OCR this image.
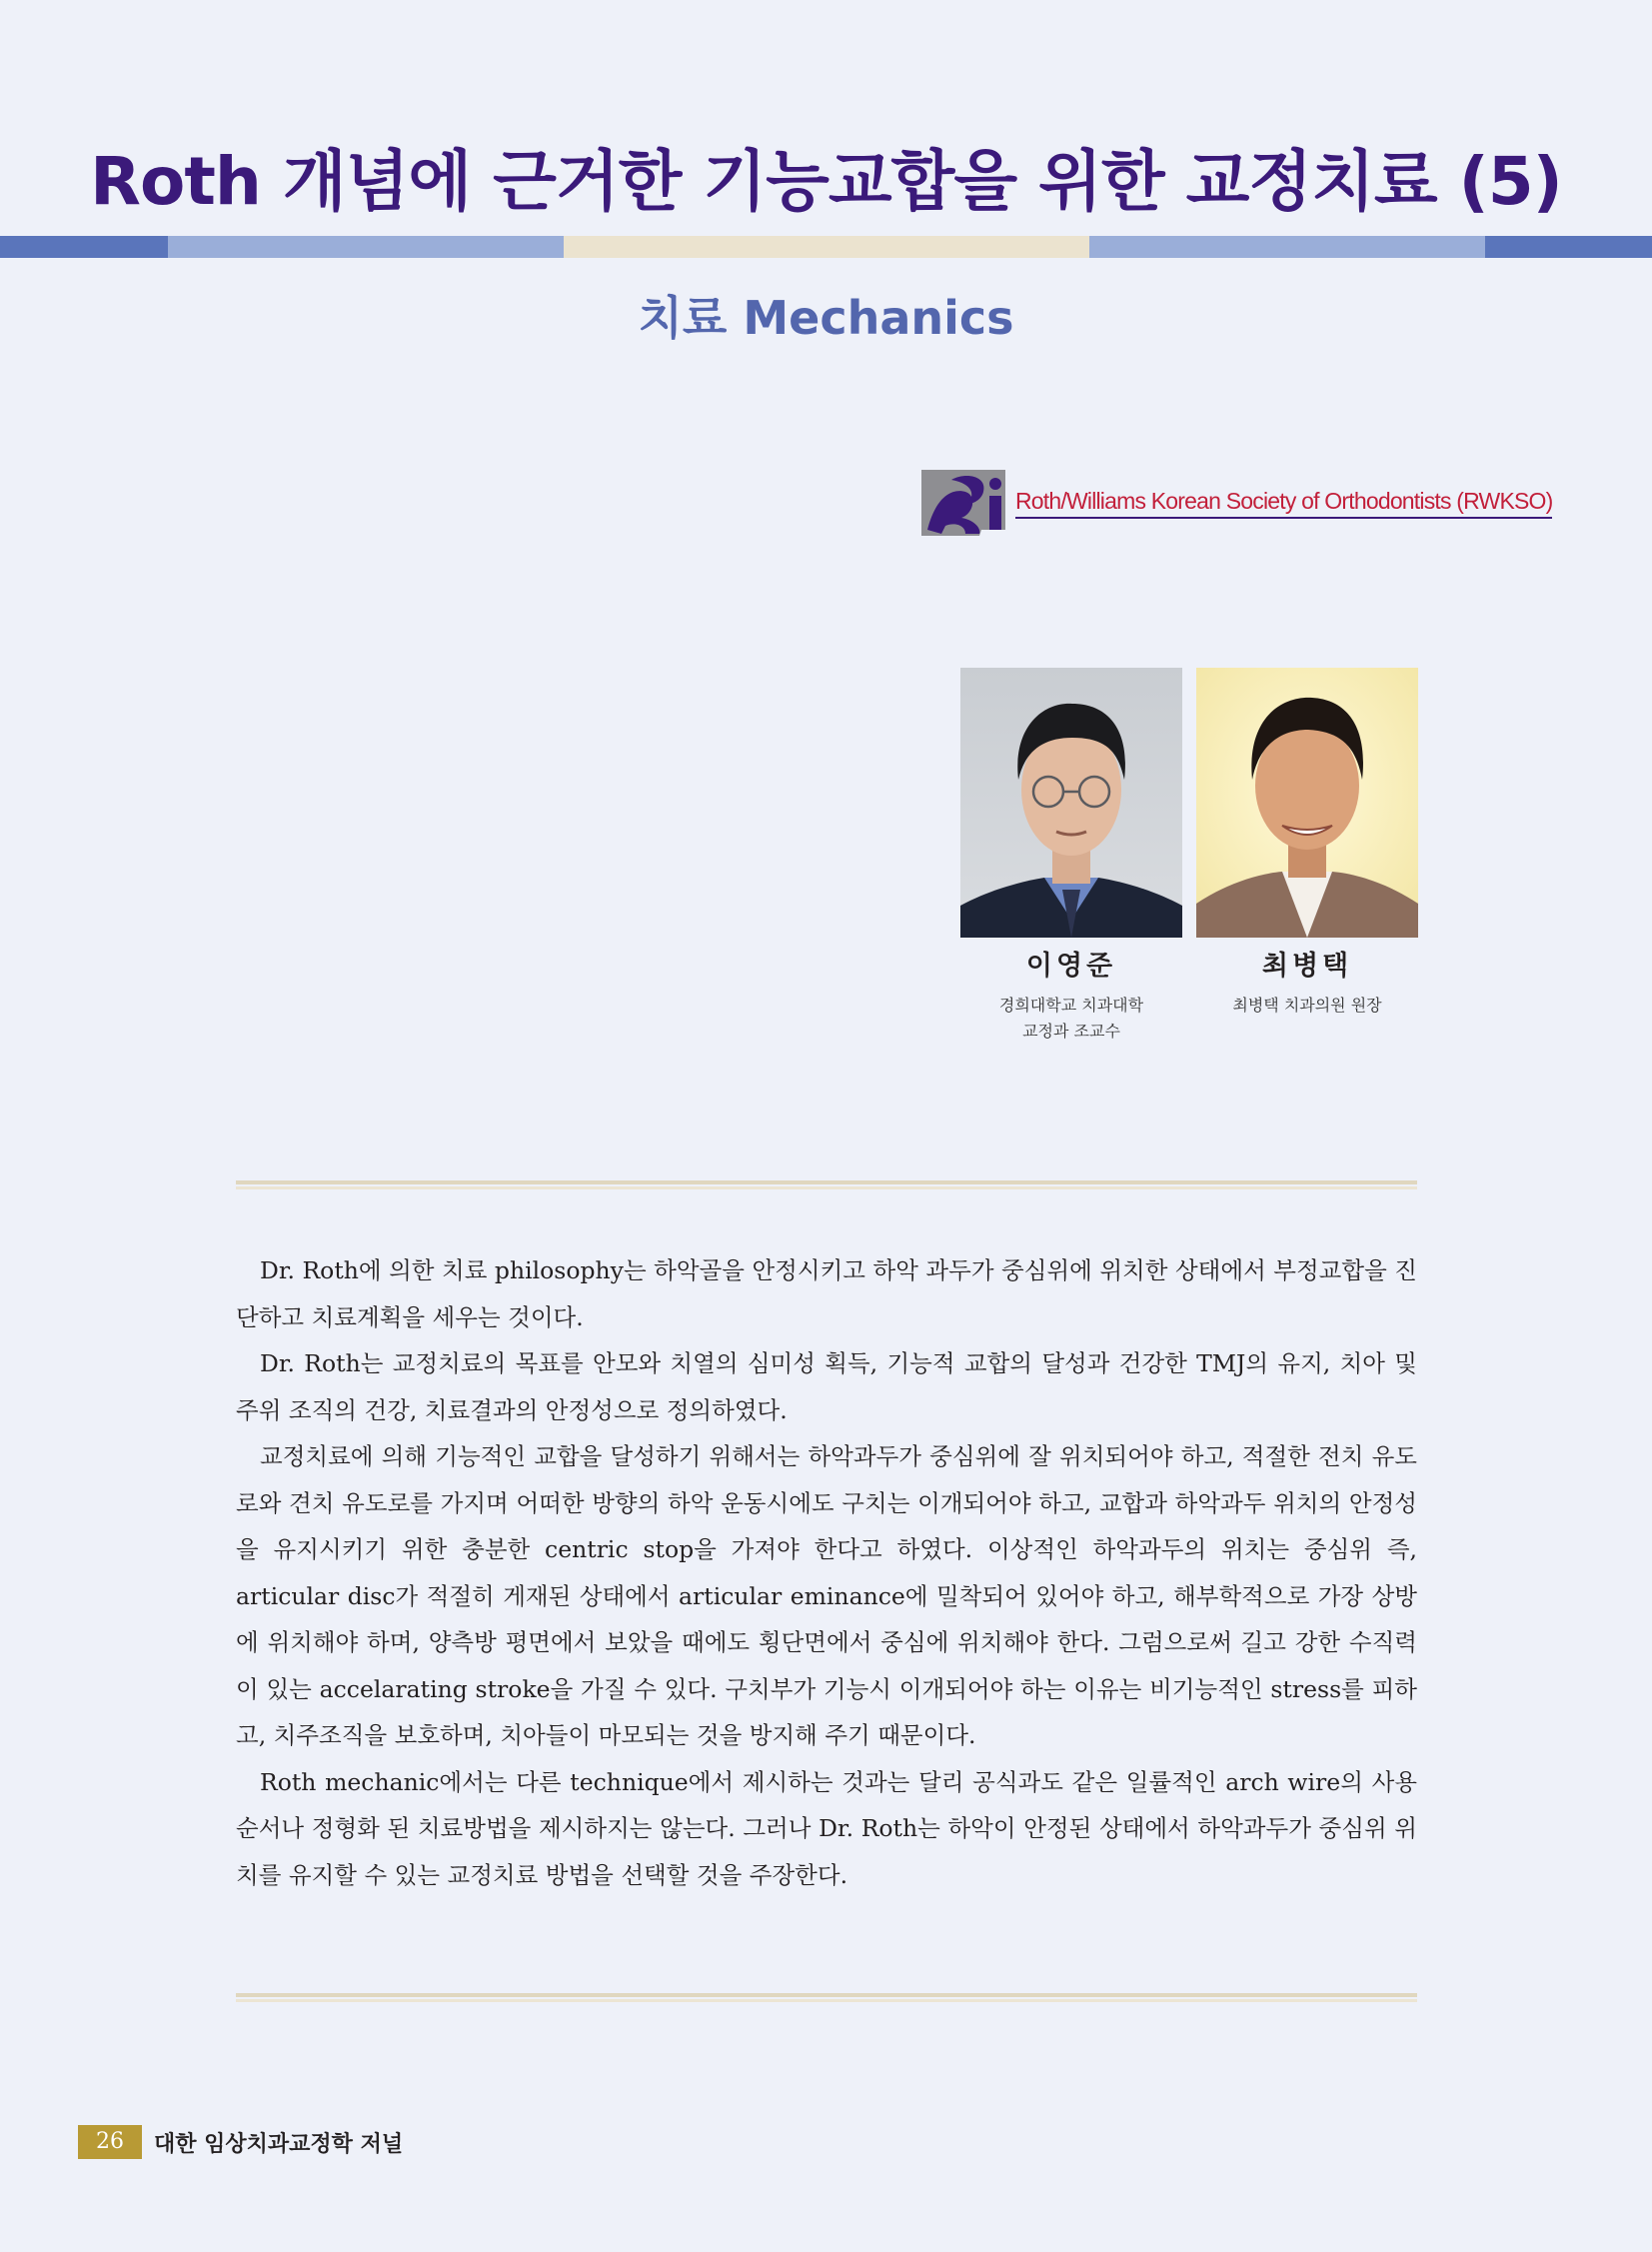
Roth 개념에 근거한 기능교합을 위한 교정치료 (5)
치료 Mechanics
Roth/Williams Korean Society of Orthodontists (RWKSO)
이영준
경희대학교 치과대학
교정과 조교수
최병택
최병택 치과의원 원장

Dr. Roth에 의한 치료 philosophy는 하악골을 안정시키고 하악 과두가 중심위에 위치한 상태에서 부정교합을 진단하고 치료계획을 세우는 것이다.

Dr. Roth는 교정치료의 목표를 안모와 치열의 심미성 획득, 기능적 교합의 달성과 건강한 TMJ의 유지, 치아 및 주위 조직의 건강, 치료결과의 안정성으로 정의하였다.

교정치료에 의해 기능적인 교합을 달성하기 위해서는 하악과두가 중심위에 잘 위치되어야 하고, 적절한 전치 유도로와 견치 유도로를 가지며 어떠한 방향의 하악 운동시에도 구치는 이개되어야 하고, 교합과 하악과두 위치의 안정성을 유지시키기 위한 충분한 centric stop을 가져야 한다고 하였다. 이상적인 하악과두의 위치는 중심위 즉, articular disc가 적절히 게재된 상태에서 articular eminance에 밀착되어 있어야 하고, 해부학적으로 가장 상방에 위치해야 하며, 양측방 평면에서 보았을 때에도 횡단면에서 중심에 위치해야 한다. 그럼으로써 길고 강한 수직력이 있는 accelarating stroke을 가질 수 있다. 구치부가 기능시 이개되어야 하는 이유는 비기능적인 stress를 피하고, 치주조직을 보호하며, 치아들이 마모되는 것을 방지해 주기 때문이다.

Roth mechanic에서는 다른 technique에서 제시하는 것과는 달리 공식과도 같은 일률적인 arch wire의 사용 순서나 정형화 된 치료방법을 제시하지는 않는다. 그러나 Dr. Roth는 하악이 안정된 상태에서 하악과두가 중심위 위치를 유지할 수 있는 교정치료 방법을 선택할 것을 주장한다.

26	대한 임상치과교정학 저널
